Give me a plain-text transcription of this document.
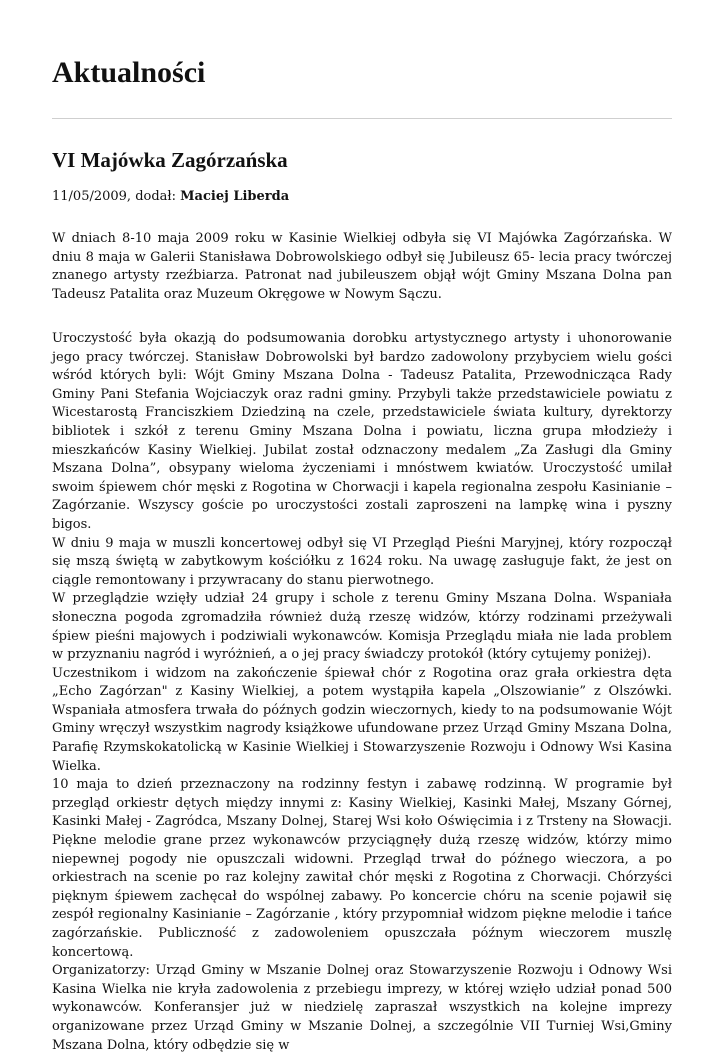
Aktualności
VI Majówka Zagórzańska
11/05/2009, dodał: Maciej Liberda

W dniach 8-10 maja 2009 roku w Kasinie Wielkiej odbyła się VI Majówka Zagórzańska. W dniu 8 maja w Galerii Stanisława Dobrowolskiego odbył się Jubileusz 65- lecia pracy twórczej znanego artysty rzeźbiarza. Patronat nad jubileuszem objął wójt Gminy Mszana Dolna pan Tadeusz Patalita oraz Muzeum Okręgowe w Nowym Sączu.

Uroczystość była okazją do podsumowania dorobku artystycznego artysty i uhonorowanie jego pracy twórczej. Stanisław Dobrowolski był bardzo zadowolony przybyciem wielu gości wśród których byli: Wójt Gminy Mszana Dolna - Tadeusz Patalita, Przewodnicząca Rady Gminy Pani Stefania Wojciaczyk oraz radni gminy. Przybyli także przedstawiciele powiatu z Wicestarostą Franciszkiem Dziedziną na czele, przedstawiciele świata kultury, dyrektorzy bibliotek i szkół z terenu Gminy Mszana Dolna i powiatu, liczna grupa młodzieży i mieszkańców Kasiny Wielkiej. Jubilat został odznaczony medalem „Za Zasługi dla Gminy Mszana Dolna”, obsypany wieloma życzeniami i mnóstwem kwiatów. Uroczystość umilał swoim śpiewem chór męski z Rogotina w Chorwacji i kapela regionalna zespołu Kasinianie – Zagórzanie. Wszyscy goście po uroczystości zostali zaproszeni na lampkę wina i pyszny bigos.

W dniu 9 maja w muszli koncertowej odbył się VI Przegląd Pieśni Maryjnej, który rozpoczął się mszą świętą w zabytkowym kościółku z 1624 roku. Na uwagę zasługuje fakt, że jest on ciągle remontowany i przywracany do stanu pierwotnego.

W przeglądzie wzięły udział 24 grupy i schole z terenu Gminy Mszana Dolna. Wspaniała słoneczna pogoda zgromadziła również dużą rzeszę widzów, którzy rodzinami przeżywali śpiew pieśni majowych i podziwiali wykonawców. Komisja Przeglądu miała nie lada problem w przyznaniu nagród i wyróżnień, a o jej pracy świadczy protokół (który cytujemy poniżej).

Uczestnikom i widzom na zakończenie śpiewał chór z Rogotina oraz grała orkiestra dęta „Echo Zagórzan" z Kasiny Wielkiej, a potem wystąpiła kapela „Olszowianie” z Olszówki. Wspaniała atmosfera trwała do późnych godzin wieczornych, kiedy to na podsumowanie Wójt Gminy wręczył wszystkim nagrody książkowe ufundowane przez Urząd Gminy Mszana Dolna, Parafię Rzymskokatolicką w Kasinie Wielkiej i Stowarzyszenie Rozwoju i Odnowy Wsi Kasina Wielka.

10 maja to dzień przeznaczony na rodzinny festyn i zabawę rodzinną. W programie był przegląd orkiestr dętych między innymi z: Kasiny Wielkiej, Kasinki Małej, Mszany Górnej, Kasinki Małej - Zagródca, Mszany Dolnej, Starej Wsi koło Oświęcimia i z Trsteny na Słowacji. Piękne melodie grane przez wykonawców przyciągnęły dużą rzeszę widzów, którzy mimo niepewnej pogody nie opuszczali widowni. Przegląd trwał do późnego wieczora, a po orkiestrach na scenie po raz kolejny zawitał chór męski z Rogotina z Chorwacji. Chórzyści pięknym śpiewem zachęcał do wspólnej zabawy. Po koncercie chóru na scenie pojawił się zespół regionalny Kasinianie – Zagórzanie , który przypomniał widzom piękne melodie i tańce zagórzańskie. Publiczność z zadowoleniem opuszczała późnym wieczorem muszlę koncertową.

Organizatorzy: Urząd Gminy w Mszanie Dolnej oraz Stowarzyszenie Rozwoju i Odnowy Wsi Kasina Wielka nie kryła zadowolenia z przebiegu imprezy, w której wzięło udział ponad 500 wykonawców. Konferansjer już w niedzielę zapraszał wszystkich na kolejne imprezy organizowane przez Urząd Gminy w Mszanie Dolnej, a szczególnie VII Turniej Wsi,Gminy Mszana Dolna, który odbędzie się w
